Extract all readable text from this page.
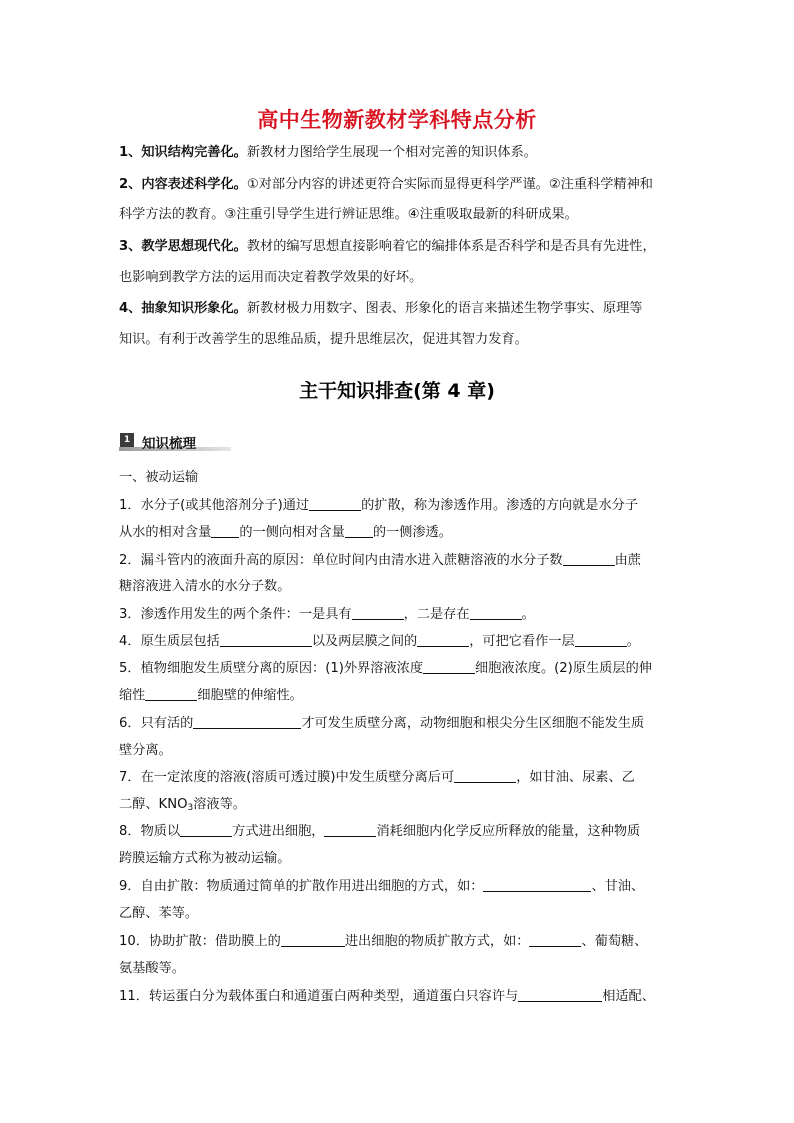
高中生物新教材学科特点分析
1、知识结构完善化。新教材力图给学生展现一个相对完善的知识体系。
2、内容表述科学化。①对部分内容的讲述更符合实际而显得更科学严谨。②注重科学精神和
科学方法的教育。③注重引导学生进行辨证思维。④注重吸取最新的科研成果。
3、教学思想现代化。教材的编写思想直接影响着它的编排体系是否科学和是否具有先进性，
也影响到教学方法的运用而决定着教学效果的好坏。
4、抽象知识形象化。新教材极力用数字、图表、形象化的语言来描述生物学事实、原理等
知识。有利于改善学生的思维品质，提升思维层次，促进其智力发育。
主干知识排查(第 4 章)
1 知识梳理
一、被动运输
1．水分子(或其他溶剂分子)通过	的扩散，称为渗透作用。渗透的方向就是水分子
从水的相对含量 的一侧向相对含量 的一侧渗透。
2．漏斗管内的液面升高的原因：单位时间内由清水进入蔗糖溶液的水分子数	由蔗
糖溶液进入清水的水分子数。
3．渗透作用发生的两个条件：一是具有	，二是存在	。
4．原生质层包括	以及两层膜之间的	，可把它看作一层	。
5．植物细胞发生质壁分离的原因：(1)外界溶液浓度	细胞液浓度。(2)原生质层的伸
缩性	细胞壁的伸缩性。
6．只有活的	才可发生质壁分离，动物细胞和根尖分生区细胞不能发生质
壁分离。
7．在一定浓度的溶液(溶质可透过膜)中发生质壁分离后可	，如甘油、尿素、乙
二醇、$KNO_3$溶液等。
8．物质以	方式进出细胞，	消耗细胞内化学反应所释放的能量，这种物质
跨膜运输方式称为被动运输。
9．自由扩散：物质通过简单的扩散作用进出细胞的方式，如：	、甘油、
乙醇、苯等。
10．协助扩散：借助膜上的	进出细胞的物质扩散方式，如：	、葡萄糖、
氨基酸等。
11．转运蛋白分为载体蛋白和通道蛋白两种类型，通道蛋白只容许与	相适配、
